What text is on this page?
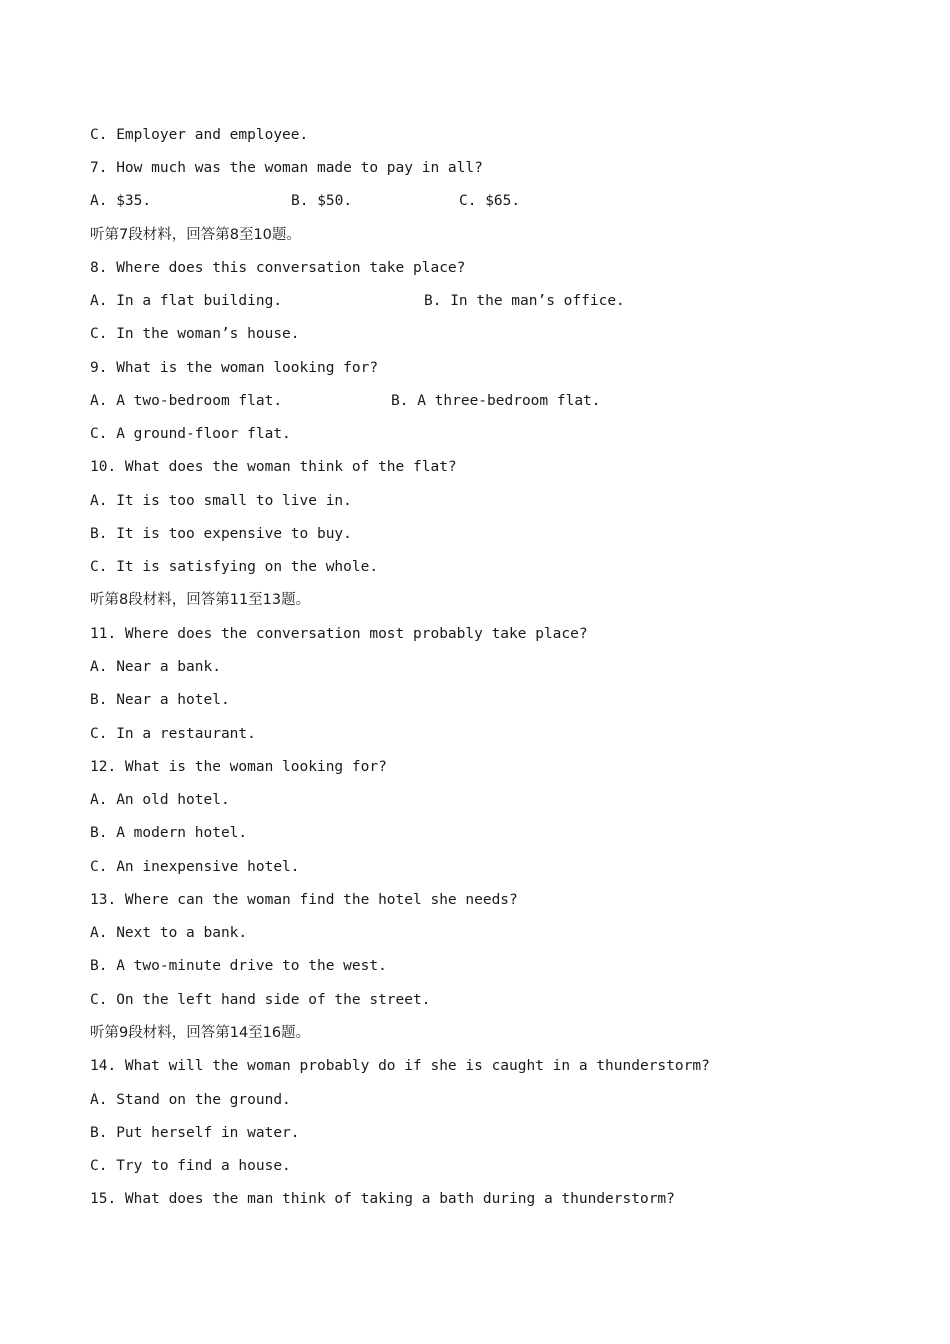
C. Employer and employee.
7. How much was the woman made to pay in all?

A. $35.

	B. $50.

	C. $65.

听第7段材料，回答第8至10题。
8. Where does this conversation take place?

A. In a flat building.

	B. In the man’s office.

C. In the woman’s house.
9. What is the woman looking for?

A. A two-bedroom flat.

	B. A three-bedroom flat.

C. A ground-floor flat.
10. What does the woman think of the flat?
A. It is too small to live in.
B. It is too expensive to buy.
C. It is satisfying on the whole.
听第8段材料，回答第11至13题。
11. Where does the conversation most probably take place?
A. Near a bank.
B. Near a hotel.
C. In a restaurant.
12. What is the woman looking for?
A. An old hotel.
B. A modern hotel.
C. An inexpensive hotel.
13. Where can the woman find the hotel she needs?
A. Next to a bank.
B. A two-minute drive to the west.
C. On the left hand side of the street.
听第9段材料，回答第14至16题。
14. What will the woman probably do if she is caught in a thunderstorm?
A. Stand on the ground.
B. Put herself in water.
C. Try to find a house.
15. What does the man think of taking a bath during a thunderstorm?
